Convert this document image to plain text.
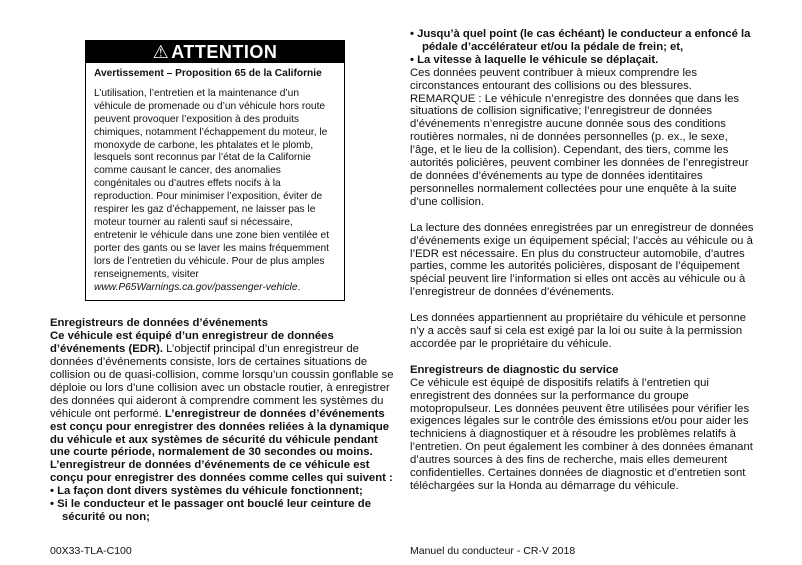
⚠ ATTENTION

Avertissement – Proposition 65 de la Californie

L’utilisation, l’entretien et la maintenance d’un véhicule de promenade ou d’un véhicule hors route peuvent provoquer l’exposition à des produits chimiques, notamment l’échappement du moteur, le monoxyde de carbone, les phtalates et le plomb, lesquels sont reconnus par l’état de la Californie comme causant le cancer, des anomalies congénitales ou d’autres effets nocifs à la reproduction. Pour minimiser l’exposition, éviter de respirer les gaz d’échappement, ne laisser pas le moteur tourner au ralenti sauf si nécessaire, entretenir le véhicule dans une zone bien ventilée et porter des gants ou se laver les mains fréquemment lors de l’entretien du véhicule. Pour de plus amples renseignements, visiter www.P65Warnings.ca.gov/passenger-vehicle.

Enregistreurs de données d’événements

Ce véhicule est équipé d’un enregistreur de données d’événements (EDR). L’objectif principal d’un enregistreur de données d’événements consiste, lors de certaines situations de collision ou de quasi-collision, comme lorsqu’un coussin gonflable se déploie ou lors d’une collision avec un obstacle routier, à enregistrer des données qui aideront à comprendre comment les systèmes du véhicule ont performé. L’enregistreur de données d’événements est conçu pour enregistrer des données reliées à la dynamique du véhicule et aux systèmes de sécurité du véhicule pendant une courte période, normalement de 30 secondes ou moins.

L’enregistreur de données d’événements de ce véhicule est conçu pour enregistrer des données comme celles qui suivent :

• La façon dont divers systèmes du véhicule fonctionnent;

• Si le conducteur et le passager ont bouclé leur ceinture de sécurité ou non;

• Jusqu’à quel point (le cas échéant) le conducteur a enfoncé la pédale d’accélérateur et/ou la pédale de frein; et,

• La vitesse à laquelle le véhicule se déplaçait.

Ces données peuvent contribuer à mieux comprendre les circonstances entourant des collisions ou des blessures.

REMARQUE : Le véhicule n’enregistre des données que dans les situations de collision significative; l’enregistreur de données d’événements n’enregistre aucune donnée sous des conditions routières normales, ni de données personnelles (p. ex., le sexe, l’âge, et le lieu de la collision). Cependant, des tiers, comme les autorités policières, peuvent combiner les données de l’enregistreur de données d’événements au type de données identitaires personnelles normalement collectées pour une enquête à la suite d’une collision.

La lecture des données enregistrées par un enregistreur de données d’événements exige un équipement spécial; l’accès au véhicule ou à l’EDR est nécessaire. En plus du constructeur automobile, d’autres parties, comme les autorités policières, disposant de l’équipement spécial peuvent lire l’information si elles ont accès au véhicule ou à l’enregistreur de données d’événements.

Les données appartiennent au propriétaire du véhicule et personne n’y a accès sauf si cela est exigé par la loi ou suite à la permission accordée par le propriétaire du véhicule.

Enregistreurs de diagnostic du service

Ce véhicule est équipé de dispositifs relatifs à l’entretien qui enregistrent des données sur la performance du groupe motopropulseur. Les données peuvent être utilisées pour vérifier les exigences légales sur le contrôle des émissions et/ou pour aider les techniciens à diagnostiquer et à résoudre les problèmes relatifs à l’entretien. On peut également les combiner à des données émanant d’autres sources à des fins de recherche, mais elles demeurent confidentielles. Certaines données de diagnostic et d’entretien sont téléchargées sur la Honda au démarrage du véhicule.

00X33-TLA-C100	Manuel du conducteur - CR-V 2018
